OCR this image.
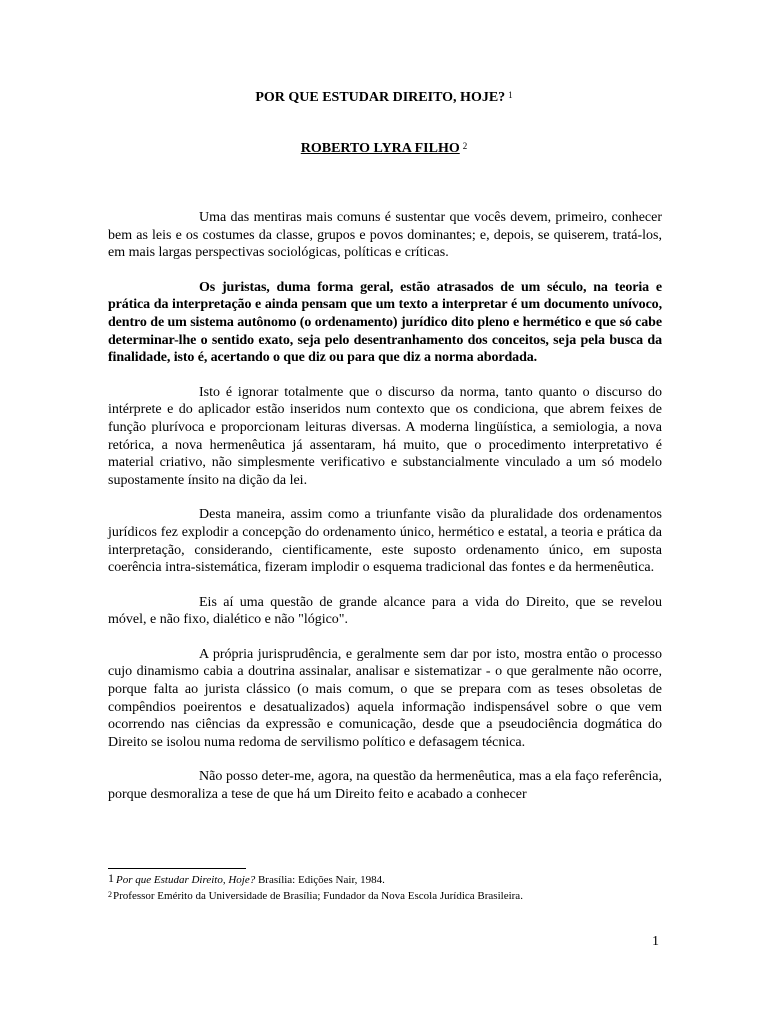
POR QUE ESTUDAR DIREITO, HOJE? $^1$
ROBERTO LYRA FILHO $^2$

Uma das mentiras mais comuns é sustentar que vocês devem, primeiro, conhecer bem as leis e os costumes da classe, grupos e povos dominantes; e, depois, se quiserem, tratá-los, em mais largas perspectivas sociológicas, políticas e críticas.

Os juristas, duma forma geral, estão atrasados de um século, na teoria e prática da interpretação e ainda pensam que um texto a interpretar é um documento unívoco, dentro de um sistema autônomo (o ordenamento) jurídico dito pleno e hermético e que só cabe determinar-lhe o sentido exato, seja pelo desentranhamento dos conceitos, seja pela busca da finalidade, isto é, acertando o que diz ou para que diz a norma abordada.

Isto é ignorar totalmente que o discurso da norma, tanto quanto o discurso do intérprete e do aplicador estão inseridos num contexto que os condiciona, que abrem feixes de função plurívoca e proporcionam leituras diversas. A moderna lingüística, a semiologia, a nova retórica, a nova hermenêutica já assentaram, há muito, que o procedimento interpretativo é material criativo, não simplesmente verificativo e substancialmente vinculado a um só modelo supostamente ínsito na dição da lei.

Desta maneira, assim como a triunfante visão da pluralidade dos ordenamentos jurídicos fez explodir a concepção do ordenamento único, hermético e estatal, a teoria e prática da interpretação, considerando, cientificamente, este suposto ordenamento único, em suposta coerência intra-sistemática, fizeram implodir o esquema tradicional das fontes e da hermenêutica.

Eis aí uma questão de grande alcance para a vida do Direito, que se revelou móvel, e não fixo, dialético e não "lógico".

A própria jurisprudência, e geralmente sem dar por isto, mostra então o processo cujo dinamismo cabia a doutrina assinalar, analisar e sistematizar - o que geralmente não ocorre, porque falta ao jurista clássico (o mais comum, o que se prepara com as teses obsoletas de compêndios poeirentos e desatualizados) aquela informação indispensável sobre o que vem ocorrendo nas ciências da expressão e comunicação, desde que a pseudociência dogmática do Direito se isolou numa redoma de servilismo político e defasagem técnica.

Não posso deter-me, agora, na questão da hermenêutica, mas a ela faço referência, porque desmoraliza a tese de que há um Direito feito e acabado a conhecer

1 Por que Estudar Direito, Hoje? Brasília: Edições Nair, 1984.
$^2$Professor Emérito da Universidade de Brasília; Fundador da Nova Escola Jurídica Brasileira.
1
